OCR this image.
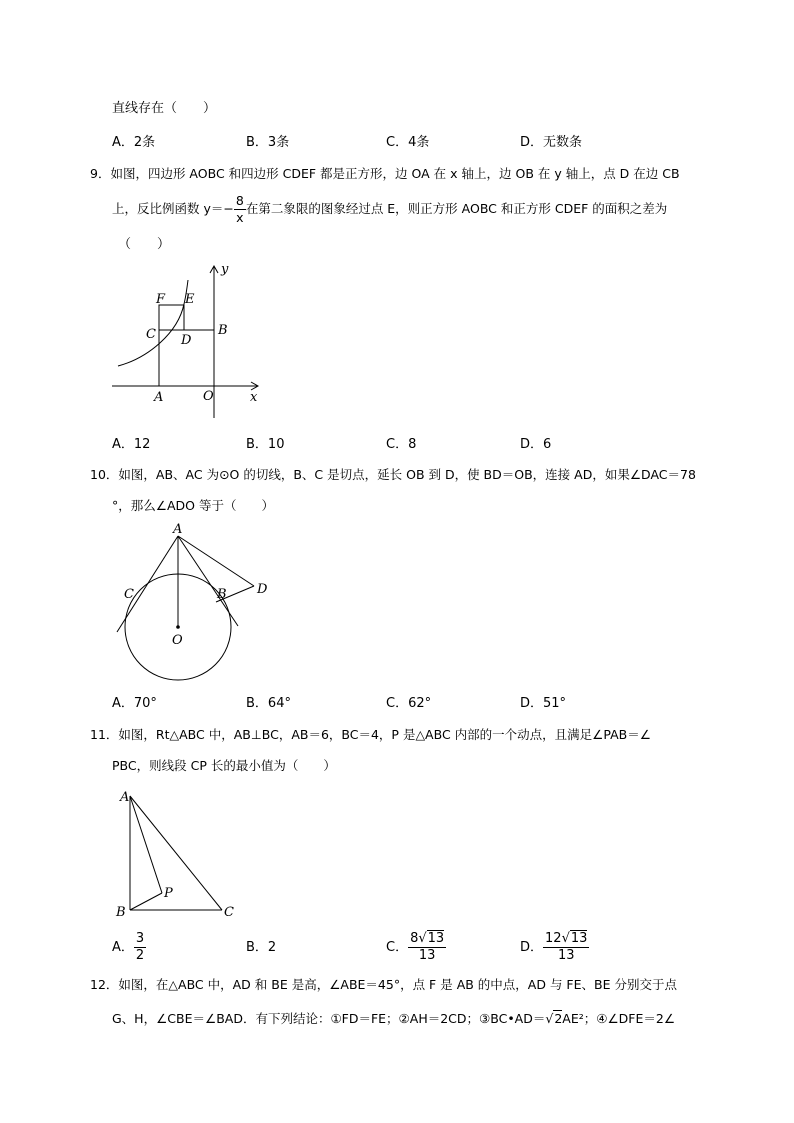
直线存在（　　）
A．2条	B．3条	C．4条	D．无数条
9．如图，四边形 AOBC 和四边形 CDEF 都是正方形，边 OA 在 x 轴上，边 OB 在 y 轴上，点 D 在边 CB
上，反比例函数 $y=- \frac{8}{x}$ 在第二象限的图象经过点 E，则正方形 AOBC 和正方形 CDEF 的面积之差为
（　　）
F E
C D
B
A	O	x
y
A．12	B．10	C．8	D．6
10．如图，AB、AC 为⊙O 的切线，B、C 是切点，延长 OB 到 D，使 BD＝OB，连接 AD，如果∠DAC＝78
°，那么∠ADO 等于（　　）
A
C	B D
O
A．70°	B．64°	C．62°	D．51°
11．如图，Rt△ABC 中，AB⊥BC，AB＝6，BC＝4，P 是△ABC 内部的一个动点，且满足∠PAB＝∠
PBC，则线段 CP 长的最小值为（　　）
A
P
B	C
A． $\frac{3}{2}$	B．2	C． $\frac{8√13}{13}$	D． $\frac{12√13}{13}$
12．如图，在△ABC 中，AD 和 BE 是高，∠ABE＝45°，点 F 是 AB 的中点，AD 与 FE、BE 分别交于点
G、H，∠CBE＝∠BAD．有下列结论：①FD＝FE；②AH＝2CD；③BC•AD＝√2AE²；④∠DFE＝2∠
